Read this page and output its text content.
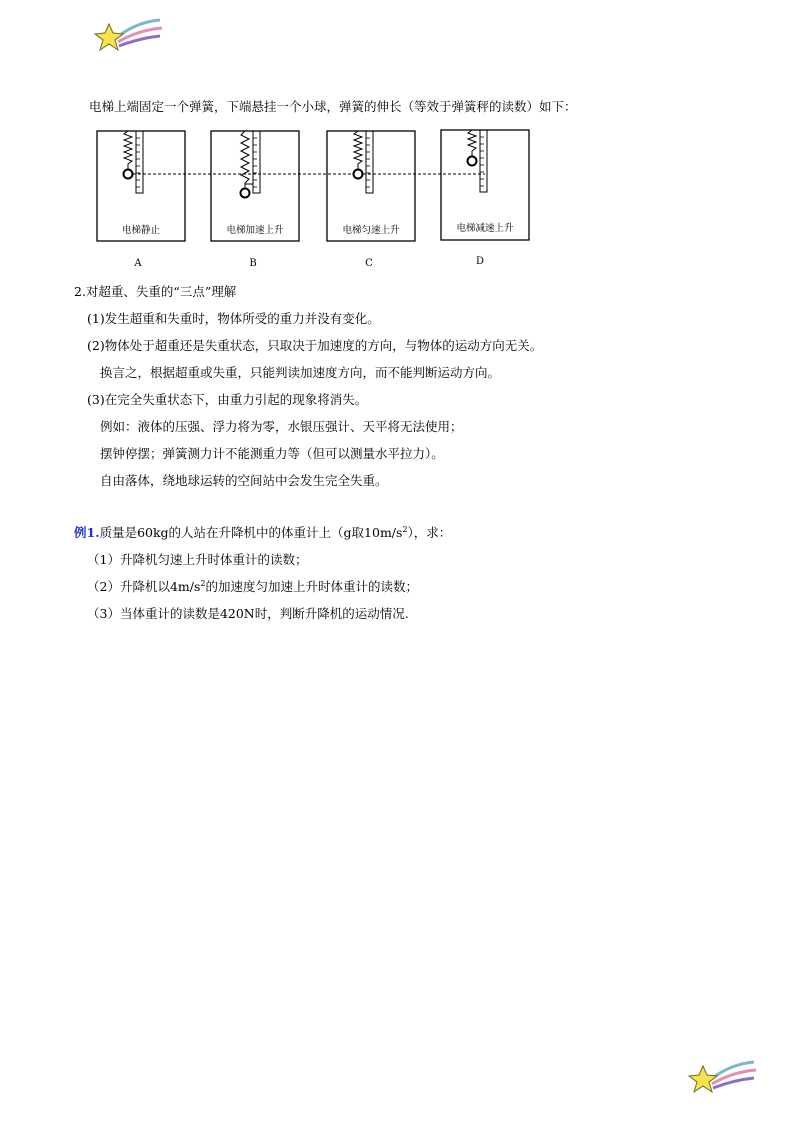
电梯上端固定一个弹簧，下端悬挂一个小球，弹簧的伸长（等效于弹簧秤的读数）如下：
电梯静止
A
电梯加速上升
B
电梯匀速上升
C
电梯减速上升
D
2.对超重、失重的“三点”理解
(1)发生超重和失重时，物体所受的重力并没有变化。
(2)物体处于超重还是失重状态，只取决于加速度的方向，与物体的运动方向无关。
换言之，根据超重或失重，只能判读加速度方向，而不能判断运动方向。
(3)在完全失重状态下，由重力引起的现象将消失。
例如：液体的压强、浮力将为零，水银压强计、天平将无法使用；
摆钟停摆；弹簧测力计不能测重力等（但可以测量水平拉力）。
自由落体，绕地球运转的空间站中会发生完全失重。
例1.质量是60kg的人站在升降机中的体重计上（g取$10m/s^2$），求：
（1）升降机匀速上升时体重计的读数；
（2）升降机以$4m/s^2$的加速度匀加速上升时体重计的读数；
（3）当体重计的读数是420N时，判断升降机的运动情况.
